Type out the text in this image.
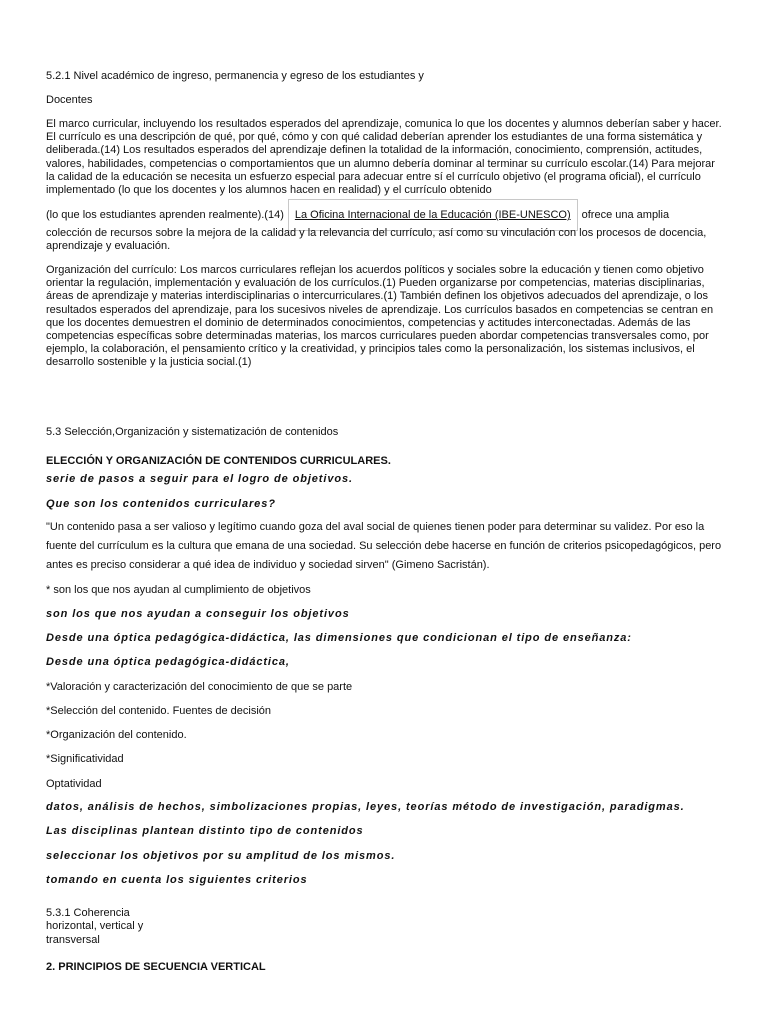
5.2.1 Nivel académico de ingreso, permanencia y egreso de los estudiantes y

Docentes

El marco curricular, incluyendo los resultados esperados del aprendizaje, comunica lo que los docentes y alumnos deberían saber y hacer. El currículo es una descripción de qué, por qué, cómo y con qué calidad deberían aprender los estudiantes de una forma sistemática y deliberada.(14) Los resultados esperados del aprendizaje definen la totalidad de la información, conocimiento, comprensión, actitudes, valores, habilidades, competencias o comportamientos que un alumno debería dominar al terminar su currículo escolar.(14) Para mejorar la calidad de la educación se necesita un esfuerzo especial para adecuar entre sí el currículo objetivo (el programa oficial), el currículo implementado (lo que los docentes y los alumnos hacen en realidad) y el currículo obtenido

(lo que los estudiantes aprenden realmente).(14) La Oficina Internacional de la Educación (IBE-UNESCO) ofrece una amplia

colección de recursos sobre la mejora de la calidad y la relevancia del currículo, así como su vinculación con los procesos de docencia, aprendizaje y evaluación.

Organización del currículo: Los marcos curriculares reflejan los acuerdos políticos y sociales sobre la educación y tienen como objetivo orientar la regulación, implementación y evaluación de los currículos.(1) Pueden organizarse por competencias, materias disciplinarias, áreas de aprendizaje y materias interdisciplinarias o intercurriculares.(1) También definen los objetivos adecuados del aprendizaje, o los resultados esperados del aprendizaje, para los sucesivos niveles de aprendizaje. Los currículos basados en competencias se centran en que los docentes demuestren el dominio de determinados conocimientos, competencias y actitudes interconectadas. Además de las competencias específicas sobre determinadas materias, los marcos curriculares pueden abordar competencias transversales como, por ejemplo, la colaboración, el pensamiento crítico y la creatividad, y principios tales como la personalización, los sistemas inclusivos, el desarrollo sostenible y la justicia social.(1)

5.3 Selección,Organización y sistematización de contenidos

ELECCIÓN Y ORGANIZACIÓN DE CONTENIDOS CURRICULARES.

serie de pasos a seguir para el logro de objetivos.

Que son los contenidos curriculares?

"Un contenido pasa a ser valioso y legítimo cuando goza del aval social de quienes tienen poder para determinar su validez. Por eso la fuente del currículum es la cultura que emana de una sociedad. Su selección debe hacerse en función de criterios psicopedagógicos, pero antes es preciso considerar a qué idea de individuo y sociedad sirven" (Gimeno Sacristán).

* son los que nos ayudan al cumplimiento de objetivos

son los que nos ayudan a conseguir los objetivos

Desde una óptica pedagógica-didáctica, las dimensiones que condicionan el tipo de enseñanza:

Desde una óptica pedagógica-didáctica,

*Valoración y caracterización del conocimiento de que se parte

*Selección del contenido. Fuentes de decisión

*Organización del contenido.

*Significatividad

Optatividad

datos, análisis de hechos, simbolizaciones propias, leyes, teorías método de investigación, paradigmas.

Las disciplinas plantean distinto tipo de contenidos

seleccionar los objetivos por su amplitud de los mismos.

tomando en cuenta los siguientes criterios

5.3.1 Coherencia

horizontal, vertical y

transversal

2. PRINCIPIOS DE SECUENCIA VERTICAL
